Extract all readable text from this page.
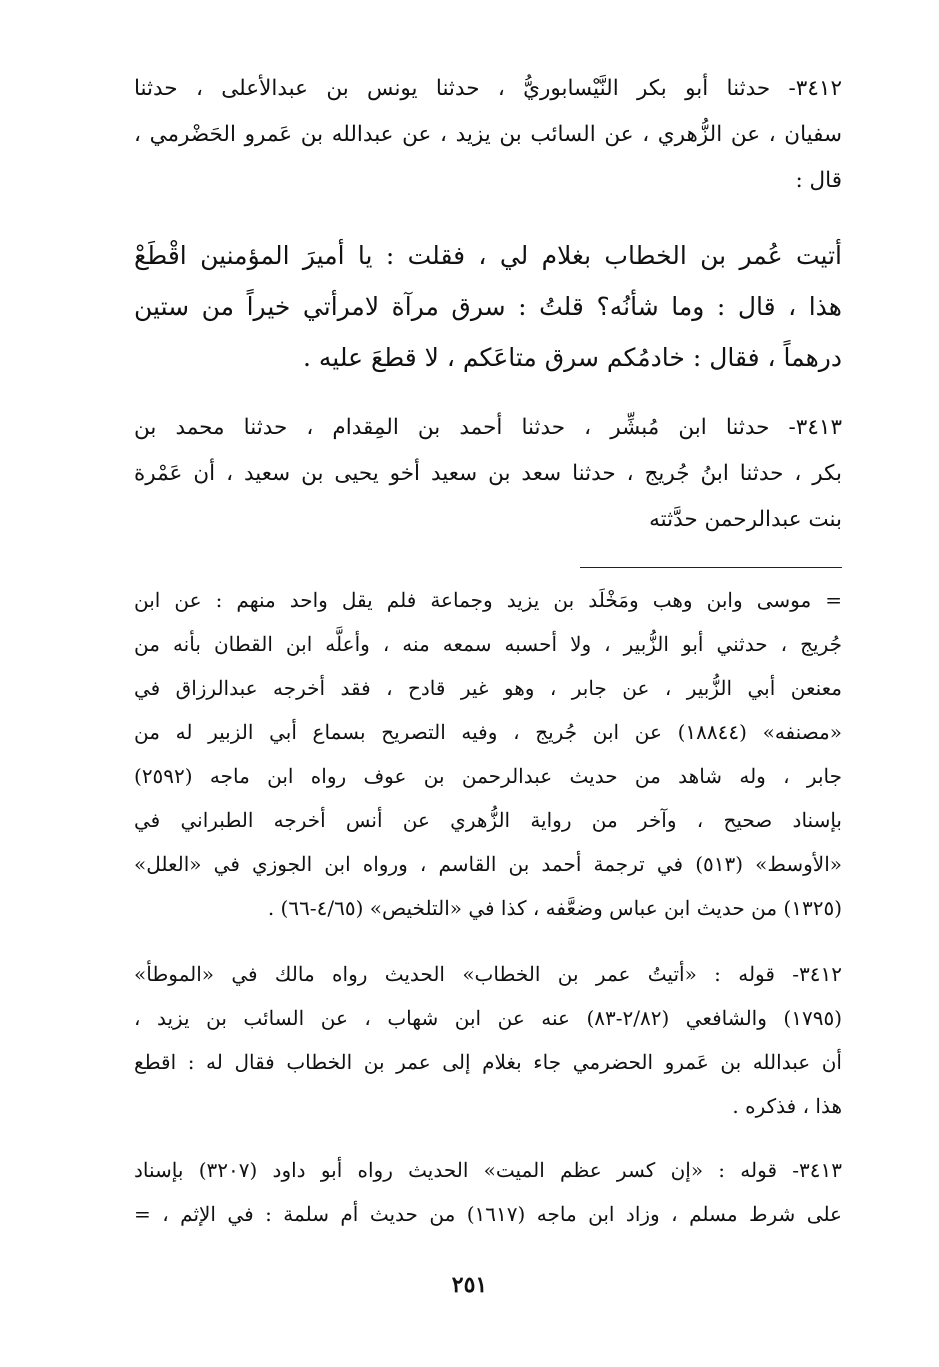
٣٤١٢- حدثنا أبو بكر النَّيْسابوريُّ ، حدثنا يونس بن عبدالأعلى ، حدثنا
سفيان ، عن الزُّهري ، عن السائب بن يزيد ، عن عبدالله بن عَمرو الحَضْرمي ،
قال :
أتيت عُمر بن الخطاب بغلام لي ، فقلت : يا أميرَ المؤمنين اقْطَعْ
هذا ، قال : وما شأنُه؟ قلتُ : سرق مرآة لامرأتي خيراً من ستين
درهماً ، فقال : خادمُكم سرق متاعَكم ، لا قطعَ عليه .
٣٤١٣- حدثنا ابن مُبشِّر ، حدثنا أحمد بن المِقدام ، حدثنا محمد بن
بكر ، حدثنا ابنُ جُريج ، حدثنا سعد بن سعيد أخو يحيى بن سعيد ، أن عَمْرة
بنت عبدالرحمن حدَّثته
= موسى وابن وهب ومَخْلَد بن يزيد وجماعة فلم يقل واحد منهم : عن ابن
جُريج ، حدثني أبو الزُّبير ، ولا أحسبه سمعه منه ، وأعلَّه ابن القطان بأنه من
معنعن أبي الزُّبير ، عن جابر ، وهو غير قادح ، فقد أخرجه عبدالرزاق في
«مصنفه» (١٨٨٤٤) عن ابن جُريج ، وفيه التصريح بسماع أبي الزبير له من
جابر ، وله شاهد من حديث عبدالرحمن بن عوف رواه ابن ماجه (٢٥٩٢)
بإسناد صحيح ، وآخر من رواية الزُّهري عن أنس أخرجه الطبراني في
«الأوسط» (٥١٣) في ترجمة أحمد بن القاسم ، ورواه ابن الجوزي في «العلل»
(١٣٢٥) من حديث ابن عباس وضعَّفه ، كذا في «التلخيص» (٤/٦٥-٦٦) .
٣٤١٢- قوله : «أتيتُ عمر بن الخطاب» الحديث رواه مالك في «الموطأ»
(١٧٩٥) والشافعي (٢/٨٢-٨٣) عنه عن ابن شهاب ، عن السائب بن يزيد ،
أن عبدالله بن عَمرو الحضرمي جاء بغلام إلى عمر بن الخطاب فقال له : اقطع
هذا ، فذكره .
٣٤١٣- قوله : «إن كسر عظم الميت» الحديث رواه أبو داود (٣٢٠٧) بإسناد
على شرط مسلم ، وزاد ابن ماجه (١٦١٧) من حديث أم سلمة : في الإثم ، =
٢٥١
